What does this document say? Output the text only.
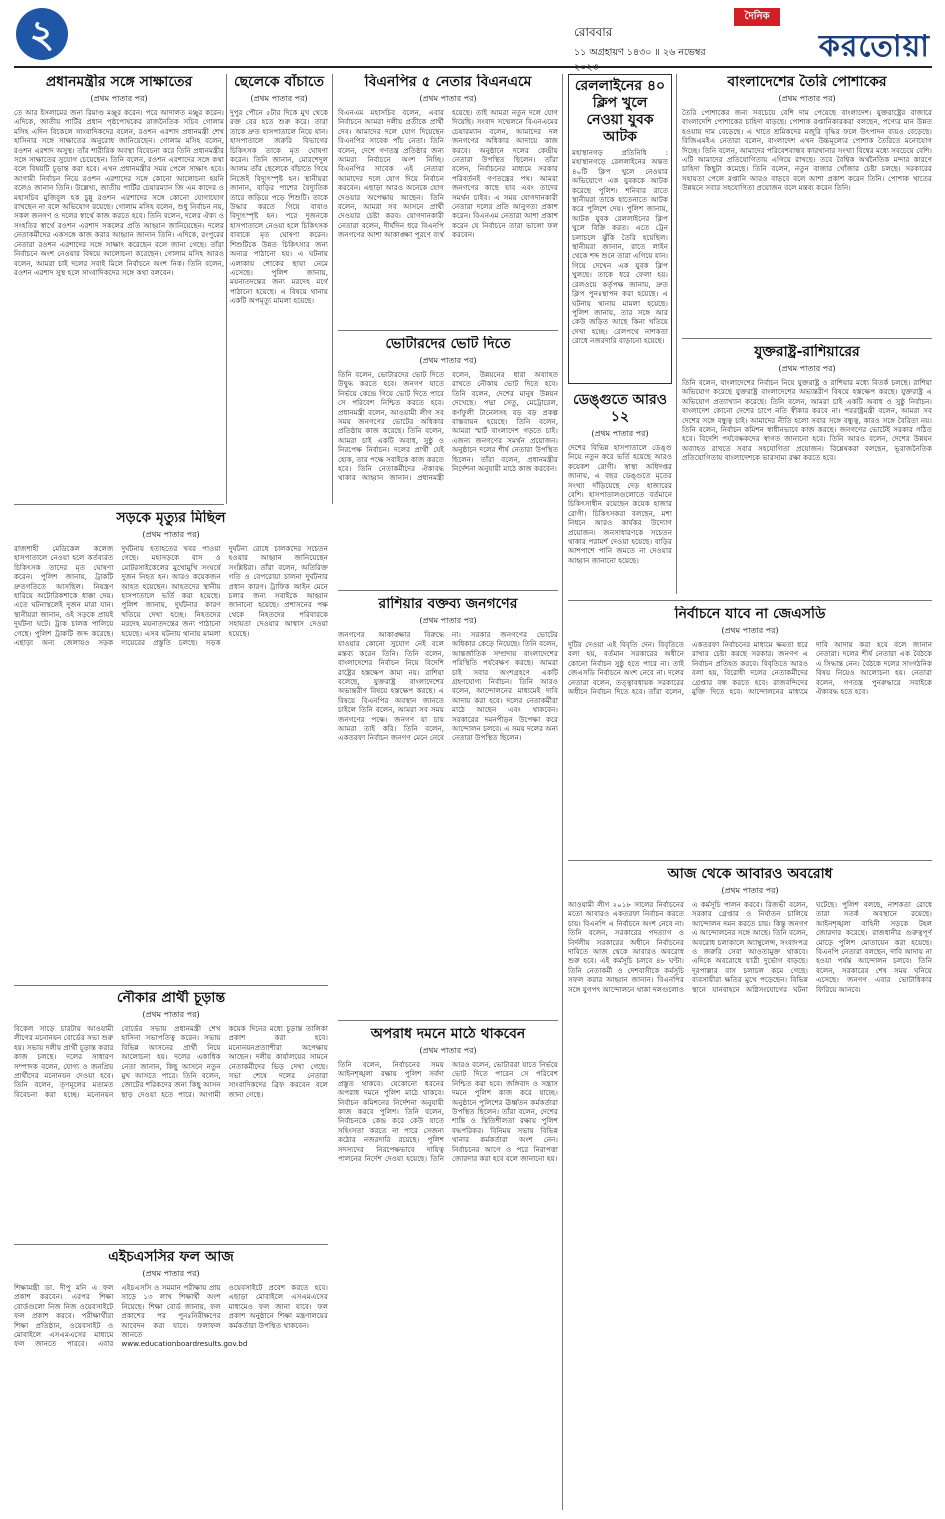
২	রোববার
১১ অগ্রহায়ণ ১৪৩০ ॥ ২৬ নভেম্বর
দৈনিক
করতোয়া
প্রধানমন্ত্রীর সঙ্গে সাক্ষাতের
(প্রথম পাতার পর)
তে আর ইসলামের জন্য রিমাণ্ড মঞ্জুর করেন। পরে আদালত মঞ্জুর করেন। এদিকে, জাতীয় পার্টির প্রধান পৃষ্ঠপোষকের রাজনৈতিক সচিব গোলাম মসিহ এদিন বিকেলে সাংবাদিকদের বলেন, রওশন এরশাদ প্রধানমন্ত্রী শেখ হাসিনার সঙ্গে সাক্ষাতের অনুরোধ জানিয়েছেন। গোলাম মসিহ বলেন, রওশন এরশাদ অসুস্থ। তাঁর শারীরিক অবস্থা বিবেচনা করে তিনি প্রধানমন্ত্রীর সঙ্গে সাক্ষাতের সুযোগ চেয়েছেন। তিনি বলেন, রওশন এরশাদের সঙ্গে কথা বলে বিষয়টি চূড়ান্ত করা হবে। এখন প্রধানমন্ত্রীর সময় পেলে সাক্ষাৎ হবে। আগামী নির্বাচন নিয়ে রওশন এরশাদের সঙ্গে কোনো আলোচনা হয়নি বলেও জানান তিনি। উল্লেখ্য, জাতীয় পার্টির চেয়ারম্যান জি এম কাদের ও মহাসচিব মুজিবুল হক চুন্নু রওশন এরশাদের সঙ্গে কোনো যোগাযোগ রাখছেন না বলে অভিযোগ রয়েছে। গোলাম মসিহ বলেন, শুধু নির্বাচন নয়, সকল জনগণ ও দলের স্বার্থে কাজ করতে হবে। তিনি বলেন, দলের ঐক্য ও সংহতির স্বার্থে রওশন এরশাদ সকলের প্রতি আহ্বান জানিয়েছেন। দলের নেতাকর্মীদের একসঙ্গে কাজ করার আহ্বান জানান তিনি। এদিকে, রংপুরের নেতারা রওশন এরশাদের সঙ্গে সাক্ষাৎ করেছেন বলে জানা গেছে। তাঁরা নির্বাচনে অংশ নেওয়ার বিষয়ে আলোচনা করেছেন। গোলাম মসিহ আরও বলেন, আমরা চাই দলের সবাই মিলে নির্বাচনে অংশ নিক। তিনি বলেন, রওশন এরশাদ সুস্থ হলে সাংবাদিকদের সঙ্গে কথা বলবেন।
ছেলেকে বাঁচাতে
(প্রথম পাতার পর)
দুপুর পৌনে ৫টার দিকে মুখ থেকে রক্ত বের হতে শুরু করে। তারা তাকে দ্রুত হাসপাতালে নিয়ে যান। হাসপাতালে জরুরি বিভাগের চিকিৎসক তাকে মৃত ঘোষণা করেন। তিনি জানান, মোরশেদুল আলম তাঁর ছেলেকে বাঁচাতে গিয়ে নিজেই বিদ্যুৎস্পৃষ্ট হন। স্থানীয়রা জানান, বাড়ির পাশের বৈদ্যুতিক তারে জড়িয়ে পড়ে শিশুটি। তাকে উদ্ধার করতে গিয়ে বাবাও বিদ্যুৎস্পৃষ্ট হন। পরে দুজনকে হাসপাতালে নেওয়া হলে চিকিৎসক বাবাকে মৃত ঘোষণা করেন। শিশুটিকে উন্নত চিকিৎসার জন্য অন্যত্র পাঠানো হয়। এ ঘটনায় এলাকায় শোকের ছায়া নেমে এসেছে। পুলিশ জানায়, ময়নাতদন্তের জন্য মরদেহ মর্গে পাঠানো হয়েছে। এ বিষয়ে থানায় একটি অপমৃত্যু মামলা হয়েছে।
সড়কে মৃত্যুর মিছিল
(প্রথম পাতার পর)
রাজশাহী মেডিকেল কলেজ হাসপাতালে নেওয়া হলে কর্তব্যরত চিকিৎসক তাদের মৃত ঘোষণা করেন। পুলিশ জানায়, ট্রাকটি দ্রুতগতিতে আসছিল। নিয়ন্ত্রণ হারিয়ে অটোরিকশাকে ধাক্কা দেয়। এতে ঘটনাস্থলেই দুজন মারা যান। স্থানীয়রা জানান, ওই সড়কে প্রায়ই দুর্ঘটনা ঘটে। ট্রাক চালক পালিয়ে গেছে। পুলিশ ট্রাকটি জব্দ করেছে। এছাড়া অন্য জেলায়ও সড়ক দুর্ঘটনায় হতাহতের খবর পাওয়া গেছে। মহাসড়কে বাস ও মোটরসাইকেলের মুখোমুখি সংঘর্ষে দুজন নিহত হন। আরও কয়েকজন আহত হয়েছেন। আহতদের স্থানীয় হাসপাতালে ভর্তি করা হয়েছে। পুলিশ জানায়, দুর্ঘটনার কারণ খতিয়ে দেখা হচ্ছে। নিহতদের মরদেহ ময়নাতদন্তের জন্য পাঠানো হয়েছে। এসব ঘটনায় থানায় মামলা দায়েরের প্রস্তুতি চলছে। সড়ক দুর্ঘটনা রোধে চালকদের সচেতন হওয়ার আহ্বান জানিয়েছেন সংশ্লিষ্টরা। তাঁরা বলেন, অতিরিক্ত গতি ও বেপরোয়া চালনা দুর্ঘটনার প্রধান কারণ। ট্রাফিক আইন মেনে চলার জন্য সবাইকে আহ্বান জানানো হয়েছে। প্রশাসনের পক্ষ থেকে নিহতদের পরিবারকে সহায়তা দেওয়ার আশ্বাস দেওয়া হয়েছে।
নৌকার প্রার্থী চূড়ান্ত
(প্রথম পাতার পর)
বিকেল সাড়ে চারটায় আওয়ামী লীগের মনোনয়ন বোর্ডের সভা শুরু হয়। সভায় দলীয় প্রার্থী চূড়ান্ত করার কাজ চলছে। দলের সাধারণ সম্পাদক বলেন, যোগ্য ও জনপ্রিয় প্রার্থীদের মনোনয়ন দেওয়া হবে। তিনি বলেন, তৃণমূলের মতামত বিবেচনা করা হচ্ছে। মনোনয়ন বোর্ডের সভায় প্রধানমন্ত্রী শেখ হাসিনা সভাপতিত্ব করেন। সভায় বিভিন্ন আসনের প্রার্থী নিয়ে আলোচনা হয়। দলের একাধিক নেতা জানান, কিছু আসনে নতুন মুখ আসতে পারে। তিনি বলেন, জোটের শরিকদের জন্য কিছু আসন ছাড় দেওয়া হতে পারে। আগামী কয়েক দিনের মধ্যে চূড়ান্ত তালিকা প্রকাশ করা হবে। মনোনয়নপ্রত্যাশীরা অপেক্ষায় আছেন। দলীয় কার্যালয়ের সামনে নেতাকর্মীদের ভিড় দেখা গেছে। সভা শেষে দলের নেতারা সাংবাদিকদের ব্রিফ করবেন বলে জানা গেছে।
এইচএসসির ফল আজ
(প্রথম পাতার পর)
শিক্ষামন্ত্রী ডা. দীপু মনি এ ফল প্রকাশ করবেন। এরপর শিক্ষা বোর্ডগুলো নিজ নিজ ওয়েবসাইটে ফল প্রকাশ করবে। পরীক্ষার্থীরা শিক্ষা প্রতিষ্ঠান, ওয়েবসাইট ও মোবাইলে এসএমএসের মাধ্যমে ফল জানতে পারবে। এবার এইচএসসি ও সমমান পরীক্ষায় প্রায় সাড়ে ১৩ লাখ শিক্ষার্থী অংশ নিয়েছে। শিক্ষা বোর্ড জানায়, ফল প্রকাশের পর পুনঃনিরীক্ষণের আবেদন করা যাবে। ফলাফল জানতে www.educationboardresults.gov.bd ওয়েবসাইটে প্রবেশ করতে হবে। এছাড়া মোবাইলে এসএমএসের মাধ্যমেও ফল জানা যাবে। ফল প্রকাশ অনুষ্ঠানে শিক্ষা মন্ত্রণালয়ের কর্মকর্তারা উপস্থিত থাকবেন।
বিএনপির ৫ নেতার বিএনএমে
(প্রথম পাতার পর)
বিএনএম মহাসচিব বলেন, এবার নির্বাচনে আমরা দলীয় প্রতীকে প্রার্থী দেব। আমাদের দলে যোগ দিয়েছেন বিএনপির সাবেক পাঁচ নেতা। তিনি বলেন, দেশে গণতন্ত্র প্রতিষ্ঠার জন্য আমরা নির্বাচনে অংশ নিচ্ছি। বিএনপির সাবেক এই নেতারা আমাদের দলে যোগ দিয়ে নির্বাচন করবেন। এছাড়া আরও অনেকে যোগ দেওয়ার অপেক্ষায় আছেন। তিনি বলেন, আমরা সব আসনে প্রার্থী দেওয়ার চেষ্টা করব। যোগদানকারী নেতারা বলেন, দীর্ঘদিন ধরে বিএনপি জনগণের আশা আকাঙ্ক্ষা পূরণে ব্যর্থ হয়েছে। তাই আমরা নতুন দলে যোগ দিয়েছি। সংবাদ সম্মেলনে বিএনএমের চেয়ারম্যান বলেন, আমাদের দল জনগণের অধিকার আদায়ে কাজ করবে। অনুষ্ঠানে দলের কেন্দ্রীয় নেতারা উপস্থিত ছিলেন। তাঁরা বলেন, নির্বাচনের মাধ্যমে সরকার পরিবর্তনই গণতন্ত্রের পথ। আমরা জনগণের কাছে যাব এবং তাদের সমর্থন চাইব। এ সময় যোগদানকারী নেতারা দলের প্রতি আনুগত্য প্রকাশ করেন। বিএনএম নেতারা আশা প্রকাশ করেন যে নির্বাচনে তারা ভালো ফল করবেন।
ভোটারদের ভোট দিতে
(প্রথম পাতার পর)
তিনি বলেন, ভোটারদের ভোট দিতে উদ্বুদ্ধ করতে হবে। জনগণ যাতে নির্ভয়ে কেন্দ্রে গিয়ে ভোট দিতে পারে সে পরিবেশ নিশ্চিত করতে হবে। প্রধানমন্ত্রী বলেন, আওয়ামী লীগ সব সময় জনগণের ভোটের অধিকার প্রতিষ্ঠায় কাজ করেছে। তিনি বলেন, আমরা চাই একটি অবাধ, সুষ্ঠু ও নিরপেক্ষ নির্বাচন। দলের প্রার্থী যেই হোক, তার পক্ষে সবাইকে কাজ করতে হবে। তিনি নেতাকর্মীদের ঐক্যবদ্ধ থাকার আহ্বান জানান। প্রধানমন্ত্রী বলেন, উন্নয়নের ধারা অব্যাহত রাখতে নৌকায় ভোট দিতে হবে। তিনি বলেন, দেশের মানুষ উন্নয়ন দেখেছে। পদ্মা সেতু, মেট্রোরেল, কর্ণফুলী টানেলসহ বড় বড় প্রকল্প বাস্তবায়ন হয়েছে। তিনি বলেন, আমরা স্মার্ট বাংলাদেশ গড়তে চাই। এজন্য জনগণের সমর্থন প্রয়োজন। অনুষ্ঠানে দলের শীর্ষ নেতারা উপস্থিত ছিলেন। তাঁরা বলেন, প্রধানমন্ত্রীর নির্দেশনা অনুযায়ী মাঠে কাজ করবেন।
রাশিয়ার বক্তব্য জনগণের
(প্রথম পাতার পর)
জনগণের আকাঙ্ক্ষার বিরুদ্ধে যাওয়ার কোনো সুযোগ নেই বলে মন্তব্য করেন তিনি। তিনি বলেন, বাংলাদেশের নির্বাচন নিয়ে বিদেশি রাষ্ট্রের হস্তক্ষেপ কাম্য নয়। রাশিয়া বলেছে, যুক্তরাষ্ট্র বাংলাদেশের অভ্যন্তরীণ বিষয়ে হস্তক্ষেপ করছে। এ বিষয়ে বিএনপির অবস্থান জানতে চাইলে তিনি বলেন, আমরা সব সময় জনগণের পক্ষে। জনগণ যা চায় আমরা তাই করি। তিনি বলেন, একতরফা নির্বাচন জনগণ মেনে নেবে না। সরকার জনগণের ভোটের অধিকার কেড়ে নিয়েছে। তিনি বলেন, আন্তর্জাতিক সম্প্রদায় বাংলাদেশের পরিস্থিতি পর্যবেক্ষণ করছে। আমরা চাই সবার অংশগ্রহণে একটি গ্রহণযোগ্য নির্বাচন। তিনি আরও বলেন, আন্দোলনের মাধ্যমেই দাবি আদায় করা হবে। দলের নেতাকর্মীরা মাঠে আছেন এবং থাকবেন। সরকারের দমনপীড়ন উপেক্ষা করে আন্দোলন চলবে। এ সময় দলের অন্য নেতারা উপস্থিত ছিলেন।
অপরাধ দমনে মাঠে থাকবেন
(প্রথম পাতার পর)
তিনি বলেন, নির্বাচনের সময় আইনশৃঙ্খলা রক্ষায় পুলিশ সর্বদা প্রস্তুত থাকবে। যেকোনো ধরনের অপরাধ দমনে পুলিশ মাঠে থাকবে। নির্বাচন কমিশনের নির্দেশনা অনুযায়ী কাজ করবে পুলিশ। তিনি বলেন, নির্বাচনকে কেন্দ্র করে কেউ যাতে সহিংসতা করতে না পারে সেজন্য কঠোর নজরদারি রয়েছে। পুলিশ সদস্যদের নিরপেক্ষভাবে দায়িত্ব পালনের নির্দেশ দেওয়া হয়েছে। তিনি আরও বলেন, ভোটাররা যাতে নির্ভয়ে ভোট দিতে পারেন সে পরিবেশ নিশ্চিত করা হবে। জঙ্গিবাদ ও সন্ত্রাস দমনে পুলিশ কাজ করে যাচ্ছে। অনুষ্ঠানে পুলিশের ঊর্ধ্বতন কর্মকর্তারা উপস্থিত ছিলেন। তাঁরা বলেন, দেশের শান্তি ও স্থিতিশীলতা রক্ষায় পুলিশ বদ্ধপরিকর। বিনিময় সভায় বিভিন্ন থানার কর্মকর্তারা অংশ নেন। নির্বাচনের আগে ও পরে নিরাপত্তা জোরদার করা হবে বলে জানানো হয়।
রেললাইনের ৪০ ক্লিপ খুলে নেওয়া যুবক আটক
মহাস্থানগড় প্রতিনিধি : মহাস্থানগড়ে রেললাইনের অন্তত ৪০টি ক্লিপ খুলে নেওয়ার অভিযোগে এক যুবককে আটক করেছে পুলিশ। শনিবার রাতে স্থানীয়রা তাকে হাতেনাতে আটক করে পুলিশে দেয়। পুলিশ জানায়, আটক যুবক রেললাইনের ক্লিপ খুলে বিক্রি করত। এতে ট্রেন চলাচলে ঝুঁকি তৈরি হয়েছিল। স্থানীয়রা জানান, রাতে লাইন থেকে শব্দ শুনে তারা এগিয়ে যান। গিয়ে দেখেন এক যুবক ক্লিপ খুলছে। তাকে ধরে ফেলা হয়। রেলওয়ে কর্তৃপক্ষ জানায়, দ্রুত ক্লিপ পুনঃস্থাপন করা হয়েছে। এ ঘটনায় থানায় মামলা হয়েছে। পুলিশ জানায়, তার সঙ্গে আর কেউ জড়িত আছে কিনা খতিয়ে দেখা হচ্ছে। রেলপথে নাশকতা রোধে নজরদারি বাড়ানো হয়েছে।
ডেঙ্গুতে আরও ১২
(প্রথম পাতার পর)
দেশের বিভিন্ন হাসপাতালে ডেঙ্গু নিয়ে নতুন করে ভর্তি হয়েছে আরও কয়েকশ রোগী। স্বাস্থ্য অধিদপ্তর জানায়, এ বছর ডেঙ্গুতে মৃতের সংখ্যা দাঁড়িয়েছে দেড় হাজারের বেশি। হাসপাতালগুলোতে বর্তমানে চিকিৎসাধীন রয়েছেন কয়েক হাজার রোগী। চিকিৎসকরা বলছেন, মশা নিধনে আরও কার্যকর উদ্যোগ প্রয়োজন। জনসাধারণকে সচেতন থাকার পরামর্শ দেওয়া হয়েছে। বাড়ির আশপাশে পানি জমতে না দেওয়ার আহ্বান জানানো হয়েছে।
বাংলাদেশের তৈরি পোশাকের
(প্রথম পাতার পর)
তৈরি পোশাকের জন্য সবচেয়ে বেশি দাম পেয়েছে বাংলাদেশ। যুক্তরাষ্ট্রের বাজারে বাংলাদেশি পোশাকের চাহিদা বাড়ছে। পোশাক রপ্তানিকারকরা বলছেন, পণ্যের মান উন্নত হওয়ায় দাম বেড়েছে। এ খাতে শ্রমিকদের মজুরি বৃদ্ধির ফলে উৎপাদন ব্যয়ও বেড়েছে। বিজিএমইএ নেতারা বলেন, বাংলাদেশ এখন উচ্চমূল্যের পোশাক তৈরিতে মনোযোগ দিচ্ছে। তিনি বলেন, আমাদের পরিবেশবান্ধব কারখানার সংখ্যা বিশ্বের মধ্যে সবচেয়ে বেশি। এটি আমাদের প্রতিযোগিতায় এগিয়ে রাখছে। তবে বৈশ্বিক অর্থনৈতিক মন্দার কারণে চাহিদা কিছুটা কমেছে। তিনি বলেন, নতুন বাজার খোঁজার চেষ্টা চলছে। সরকারের সহায়তা পেলে রপ্তানি আরও বাড়বে বলে আশা প্রকাশ করেন তিনি। পোশাক খাতের উন্নয়নে সবার সহযোগিতা প্রয়োজন বলে মন্তব্য করেন তিনি।
যুক্তরাষ্ট্র-রাশিয়ারের
(প্রথম পাতার পর)
তিনি বলেন, বাংলাদেশের নির্বাচন নিয়ে যুক্তরাষ্ট্র ও রাশিয়ার মধ্যে বিতর্ক চলছে। রাশিয়া অভিযোগ করেছে যুক্তরাষ্ট্র বাংলাদেশের অভ্যন্তরীণ বিষয়ে হস্তক্ষেপ করছে। যুক্তরাষ্ট্র এ অভিযোগ প্রত্যাখ্যান করেছে। তিনি বলেন, আমরা চাই একটি অবাধ ও সুষ্ঠু নির্বাচন। বাংলাদেশ কোনো দেশের চাপে নতি স্বীকার করবে না। পররাষ্ট্রমন্ত্রী বলেন, আমরা সব দেশের সঙ্গে বন্ধুত্ব চাই। আমাদের নীতি হলো সবার সঙ্গে বন্ধুত্ব, কারও সঙ্গে বৈরিতা নয়। তিনি বলেন, নির্বাচন কমিশন স্বাধীনভাবে কাজ করছে। জনগণের ভোটেই সরকার গঠিত হবে। বিদেশি পর্যবেক্ষকদের স্বাগত জানানো হবে। তিনি আরও বলেন, দেশের উন্নয়ন অব্যাহত রাখতে সবার সহযোগিতা প্রয়োজন। বিশ্লেষকরা বলছেন, ভূরাজনৈতিক প্রতিযোগিতায় বাংলাদেশকে ভারসাম্য রক্ষা করতে হবে।
নির্বাচনে যাবে না জেএসডি
(প্রথম পাতার পর)
দুটির দেওয়া এই বিবৃতি দেন। বিবৃতিতে বলা হয়, বর্তমান সরকারের অধীনে কোনো নির্বাচন সুষ্ঠু হতে পারে না। তাই জেএসডি নির্বাচনে অংশ নেবে না। দলের নেতারা বলেন, তত্ত্বাবধায়ক সরকারের অধীনে নির্বাচন দিতে হবে। তাঁরা বলেন, একতরফা নির্বাচনের মাধ্যমে ক্ষমতা ধরে রাখার চেষ্টা করছে সরকার। জনগণ এ নির্বাচন প্রতিহত করবে। বিবৃতিতে আরও বলা হয়, বিরোধী দলের নেতাকর্মীদের গ্রেপ্তার বন্ধ করতে হবে। রাজবন্দিদের মুক্তি দিতে হবে। আন্দোলনের মাধ্যমে দাবি আদায় করা হবে বলে জানান নেতারা। দলের শীর্ষ নেতারা এক বৈঠকে এ সিদ্ধান্ত নেন। বৈঠকে দলের সাংগঠনিক বিষয় নিয়েও আলোচনা হয়। নেতারা বলেন, গণতন্ত্র পুনরুদ্ধারে সবাইকে ঐক্যবদ্ধ হতে হবে।
আজ থেকে আবারও অবরোধ
(প্রথম পাতার পর)
আওয়ামী লীগ ২০১৮ সালের নির্বাচনের মতো আবারও একতরফা নির্বাচন করতে চায়। বিএনপি এ নির্বাচনে অংশ নেবে না। তিনি বলেন, সরকারের পদত্যাগ ও নির্দলীয় সরকারের অধীনে নির্বাচনের দাবিতে আজ থেকে আবারও অবরোধ শুরু হবে। এই কর্মসূচি চলবে ৪৮ ঘণ্টা। তিনি নেতাকর্মী ও দেশবাসীকে কর্মসূচি সফল করার আহ্বান জানান। বিএনপির সঙ্গে যুগপৎ আন্দোলনে থাকা দলগুলোও এ কর্মসূচি পালন করবে। রিজভী বলেন, সরকার গ্রেপ্তার ও নির্যাতন চালিয়ে আন্দোলন দমন করতে চায়। কিন্তু জনগণ এ আন্দোলনের সঙ্গে আছে। তিনি বলেন, অবরোধ চলাকালে অ্যাম্বুলেন্স, সংবাদপত্র ও জরুরি সেবা আওতামুক্ত থাকবে। এদিকে অবরোধে যাত্রী দুর্ভোগ বাড়ছে। দূরপাল্লার বাস চলাচল কমে গেছে। ব্যবসায়ীরা ক্ষতির মুখে পড়েছেন। বিভিন্ন স্থানে যানবাহনে অগ্নিসংযোগের ঘটনা ঘটেছে। পুলিশ বলছে, নাশকতা রোধে তারা সতর্ক অবস্থানে রয়েছে। আইনশৃঙ্খলা বাহিনী সড়কে টহল জোরদার করেছে। রাজধানীর গুরুত্বপূর্ণ মোড়ে পুলিশ মোতায়েন করা হয়েছে। বিএনপি নেতারা বলছেন, দাবি আদায় না হওয়া পর্যন্ত আন্দোলন চলবে। তিনি বলেন, সরকারের শেষ সময় ঘনিয়ে এসেছে। জনগণ এবার ভোটাধিকার ফিরিয়ে আনবে।
